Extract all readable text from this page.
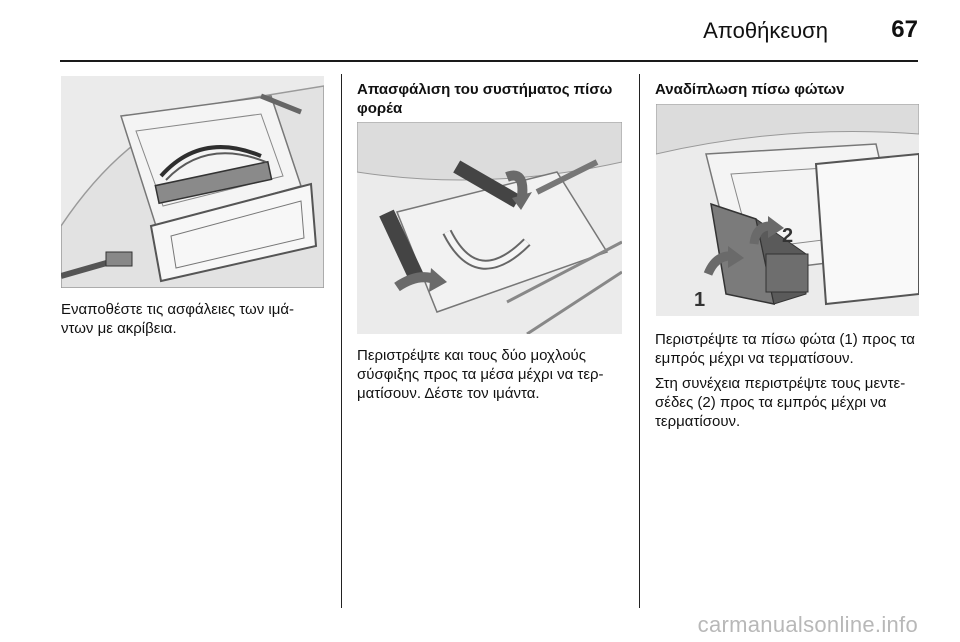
Αποθήκευση	67

Εναποθέστε τις ασφάλειες των ιμά-
ντων με ακρίβεια.

Απασφάλιση του συστήματος πίσω φορέα

Περιστρέψτε και τους δύο μοχλούς σύσφιξης προς τα μέσα μέχρι να τερ-
ματίσουν. Δέστε τον ιμάντα.

Αναδίπλωση πίσω φώτων
1
2

Περιστρέψτε τα πίσω φώτα (1) προς τα εμπρός μέχρι να τερματίσουν.

Στη συνέχεια περιστρέψτε τους μεντε-
σέδες (2) προς τα εμπρός μέχρι να τερματίσουν.

carmanualsonline.info
